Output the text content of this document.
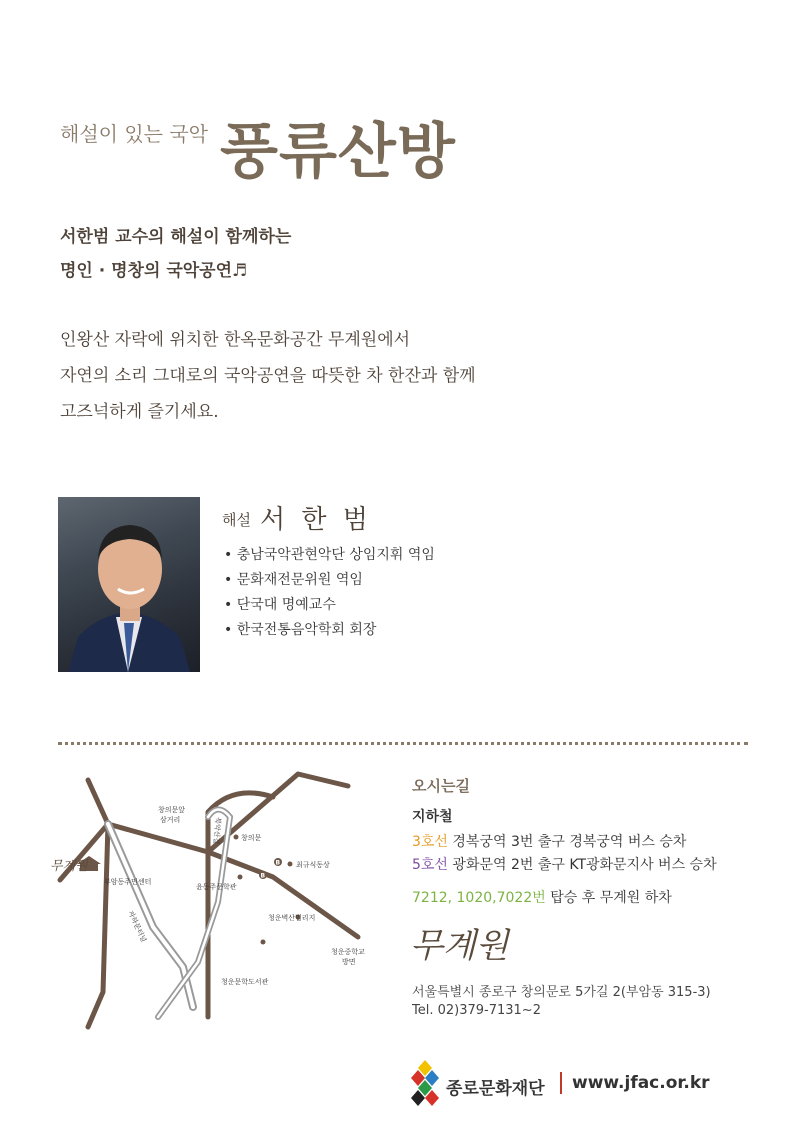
해설이 있는 국악 풍류산방
서한범 교수의 해설이 함께하는
명인 · 명창의 국악공연♬
인왕산 자락에 위치한 한옥문화공간 무계원에서
자연의 소리 그대로의 국악공연을 따뜻한 차 한잔과 함께
고즈넉하게 즐기세요.
해설 서 한 범
• 충남국악관현악단 상임지휘 역임
• 문화재전문위원 역임
• 단국대 명예교수
• 한국전통음악학회 회장
B
B
창의문앞
삼거리
창의문
최규식동상
부암동주민센터
윤동주문학관
청운벽산빌리지
청운중학교
방면
청운문학도서관
자하문터널
북악산길
무계원
오시는길
지하철
3호선 경복궁역 3번 출구 경복궁역 버스 승차
5호선 광화문역 2번 출구 KT광화문지사 버스 승차
7212, 1020,7022번 탑승 후 무계원 하차
무계원
서울특별시 종로구 창의문로 5가길 2(부암동 315-3)
Tel. 02)379-7131~2
종로문화재단 www.jfac.or.kr
